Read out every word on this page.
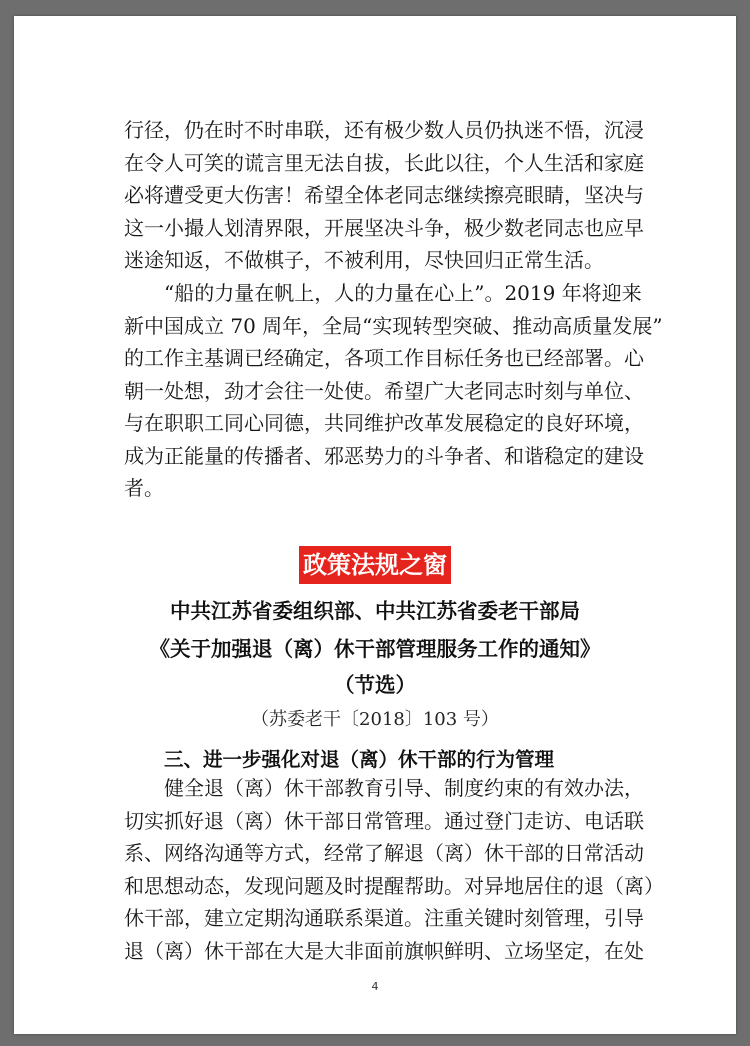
行径，仍在时不时串联，还有极少数人员仍执迷不悟，沉浸
在令人可笑的谎言里无法自拔，长此以往，个人生活和家庭
必将遭受更大伤害！希望全体老同志继续擦亮眼睛，坚决与
这一小撮人划清界限，开展坚决斗争，极少数老同志也应早
迷途知返，不做棋子，不被利用，尽快回归正常生活。
“船的力量在帆上，人的力量在心上”。2019 年将迎来
新中国成立 70 周年，全局“实现转型突破、推动高质量发展”
的工作主基调已经确定，各项工作目标任务也已经部署。心
朝一处想，劲才会往一处使。希望广大老同志时刻与单位、
与在职职工同心同德，共同维护改革发展稳定的良好环境，
成为正能量的传播者、邪恶势力的斗争者、和谐稳定的建设
者。
政策法规之窗
中共江苏省委组织部、中共江苏省委老干部局
《关于加强退（离）休干部管理服务工作的通知》
（节选）
（苏委老干〔2018〕103 号）
三、进一步强化对退（离）休干部的行为管理
健全退（离）休干部教育引导、制度约束的有效办法，
切实抓好退（离）休干部日常管理。通过登门走访、电话联
系、网络沟通等方式，经常了解退（离）休干部的日常活动
和思想动态，发现问题及时提醒帮助。对异地居住的退（离）
休干部，建立定期沟通联系渠道。注重关键时刻管理，引导
退（离）休干部在大是大非面前旗帜鲜明、立场坚定，在处
4
